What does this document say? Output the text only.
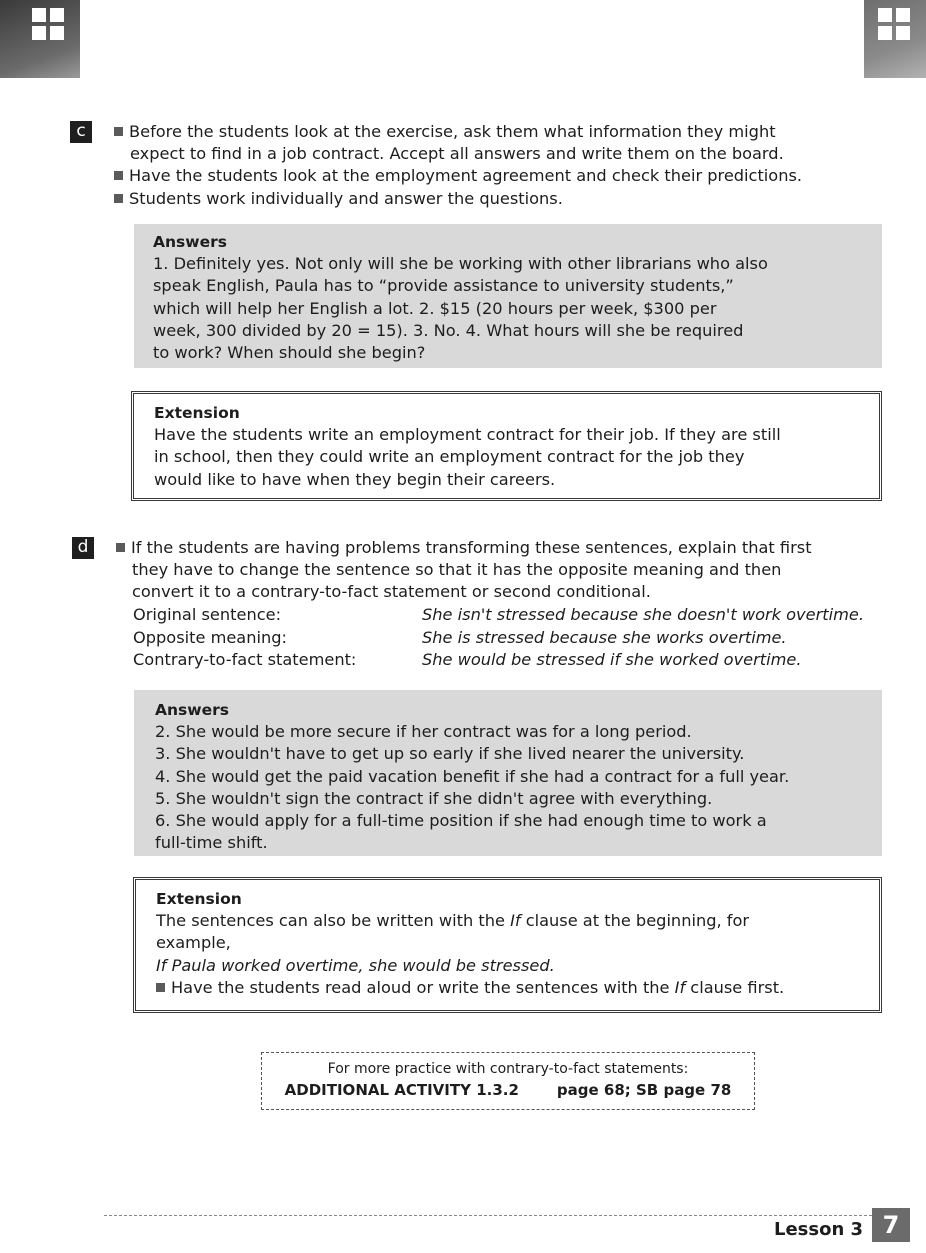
c	Before the students look at the exercise, ask them what information they might
expect to find in a job contract. Accept all answers and write them on the board.
Have the students look at the employment agreement and check their predictions.
Students work individually and answer the questions.
Answers
1. Definitely yes. Not only will she be working with other librarians who also
speak English, Paula has to “provide assistance to university students,”
which will help her English a lot. 2. $15 (20 hours per week, $300 per
week, 300 divided by 20 = 15). 3. No. 4. What hours will she be required
to work? When should she begin?
Extension
Have the students write an employment contract for their job. If they are still
in school, then they could write an employment contract for the job they
would like to have when they begin their careers.
d	If the students are having problems transforming these sentences, explain that first
they have to change the sentence so that it has the opposite meaning and then
convert it to a contrary-to-fact statement or second conditional.
Original sentence:	She isn't stressed because she doesn't work overtime.
Opposite meaning:	She is stressed because she works overtime.
Contrary-to-fact statement:	She would be stressed if she worked overtime.
Answers
2. She would be more secure if her contract was for a long period.
3. She wouldn't have to get up so early if she lived nearer the university.
4. She would get the paid vacation benefit if she had a contract for a full year.
5. She wouldn't sign the contract if she didn't agree with everything.
6. She would apply for a full-time position if she had enough time to work a
full-time shift.
Extension
The sentences can also be written with the If clause at the beginning, for
example,
If Paula worked overtime, she would be stressed.
Have the students read aloud or write the sentences with the If clause first.
For more practice with contrary-to-fact statements:
ADDITIONAL ACTIVITY 1.3.2	page 68; SB page 78
Lesson 3 7
